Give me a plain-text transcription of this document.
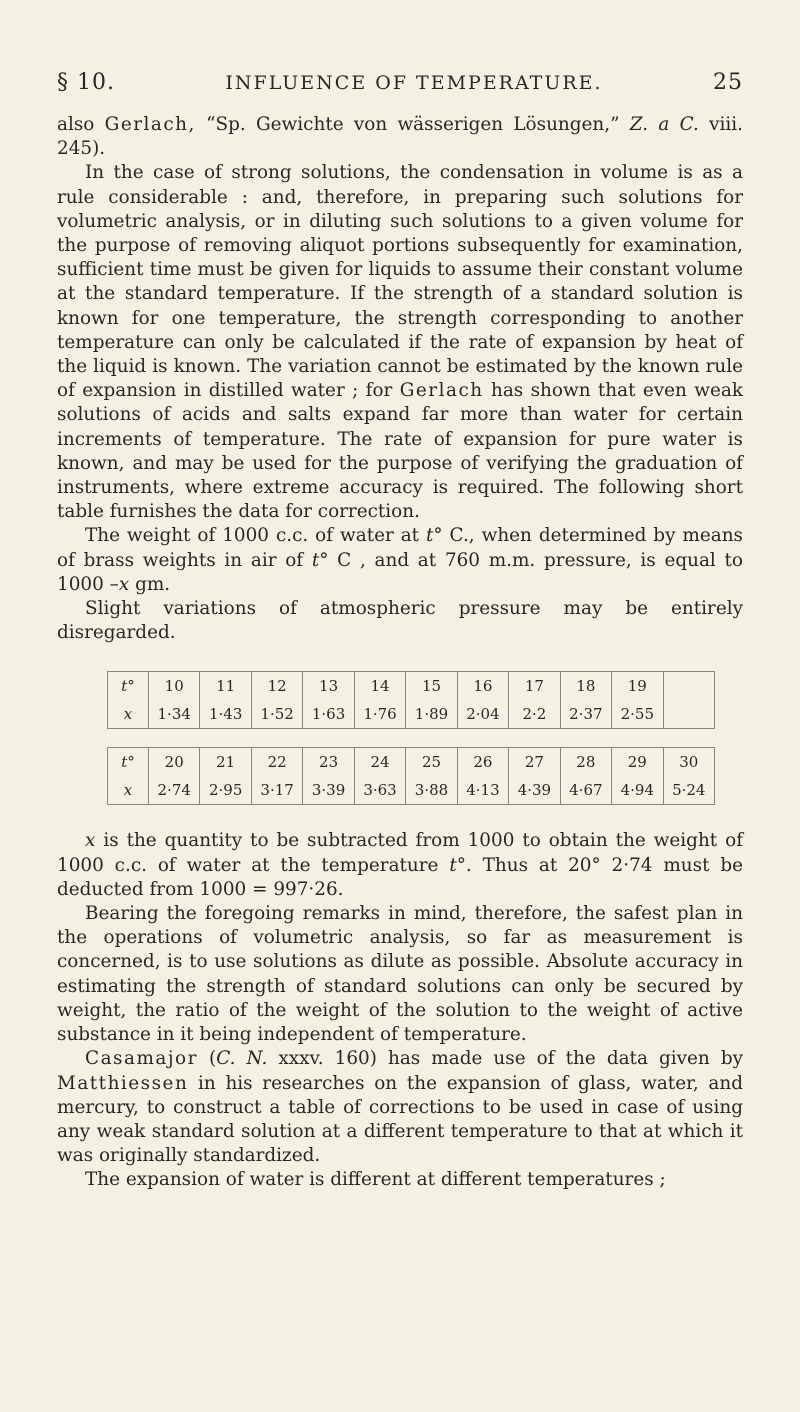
§ 10.	INFLUENCE OF TEMPERATURE.	25

also Gerlach, “Sp. Gewichte von wässerigen Lösungen,” Z. a C. viii. 245).

In the case of strong solutions, the condensation in volume is as a rule considerable : and, therefore, in preparing such solutions for volumetric analysis, or in diluting such solutions to a given volume for the purpose of removing aliquot portions subsequently for examination, sufficient time must be given for liquids to assume their constant volume at the standard temperature. If the strength of a standard solution is known for one temperature, the strength corresponding to another temperature can only be calculated if the rate of expansion by heat of the liquid is known. The variation cannot be estimated by the known rule of expansion in distilled water ; for Gerlach has shown that even weak solutions of acids and salts expand far more than water for certain increments of temperature. The rate of expansion for pure water is known, and may be used for the purpose of verifying the graduation of instruments, where extreme accuracy is required. The following short table furnishes the data for correction.

The weight of 1000 c.c. of water at t° C., when determined by means of brass weights in air of t° C , and at 760 m.m. pressure, is equal to 1000 –x gm.

Slight variations of atmospheric pressure may be entirely disregarded.

t°	10	11	12	13	14	15	16	17	18	19	
x	1·34	1·43	1·52	1·63	1·76	1·89	2·04	2·2	2·37	2·55	

t°	20	21	22	23	24	25	26	27	28	29	30
x	2·74	2·95	3·17	3·39	3·63	3·88	4·13	4·39	4·67	4·94	5·24

x is the quantity to be subtracted from 1000 to obtain the weight of 1000 c.c. of water at the temperature t°. Thus at 20° 2·74 must be deducted from 1000 = 997·26.

Bearing the foregoing remarks in mind, therefore, the safest plan in the operations of volumetric analysis, so far as measurement is concerned, is to use solutions as dilute as possible. Absolute accuracy in estimating the strength of standard solutions can only be secured by weight, the ratio of the weight of the solution to the weight of active substance in it being independent of temperature.

Casamajor (C. N. xxxv. 160) has made use of the data given by Matthiessen in his researches on the expansion of glass, water, and mercury, to construct a table of corrections to be used in case of using any weak standard solution at a different temperature to that at which it was originally standardized.

The expansion of water is different at different temperatures ;
